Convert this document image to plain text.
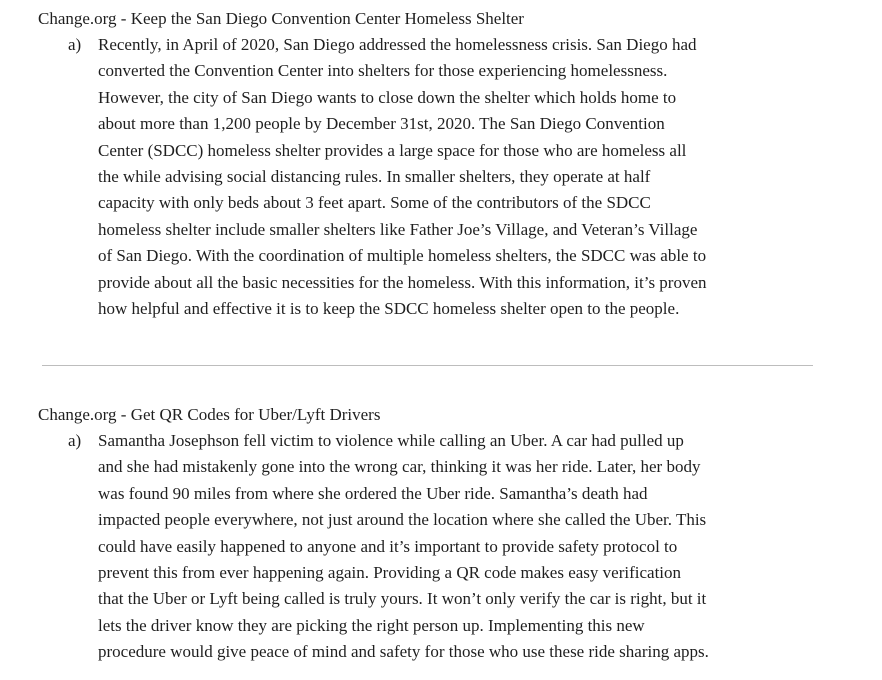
Change.org - Keep the San Diego Convention Center Homeless Shelter

a) Recently, in April of 2020, San Diego addressed the homelessness crisis. San Diego had
converted the Convention Center into shelters for those experiencing homelessness.
However, the city of San Diego wants to close down the shelter which holds home to
about more than 1,200 people by December 31st, 2020. The San Diego Convention
Center (SDCC) homeless shelter provides a large space for those who are homeless all
the while advising social distancing rules. In smaller shelters, they operate at half
capacity with only beds about 3 feet apart. Some of the contributors of the SDCC
homeless shelter include smaller shelters like Father Joe’s Village, and Veteran’s Village
of San Diego. With the coordination of multiple homeless shelters, the SDCC was able to
provide about all the basic necessities for the homeless. With this information, it’s proven
how helpful and effective it is to keep the SDCC homeless shelter open to the people.

Change.org - Get QR Codes for Uber/Lyft Drivers

a) Samantha Josephson fell victim to violence while calling an Uber. A car had pulled up
and she had mistakenly gone into the wrong car, thinking it was her ride. Later, her body
was found 90 miles from where she ordered the Uber ride. Samantha’s death had
impacted people everywhere, not just around the location where she called the Uber. This
could have easily happened to anyone and it’s important to provide safety protocol to
prevent this from ever happening again. Providing a QR code makes easy verification
that the Uber or Lyft being called is truly yours. It won’t only verify the car is right, but it
lets the driver know they are picking the right person up. Implementing this new
procedure would give peace of mind and safety for those who use these ride sharing apps.
